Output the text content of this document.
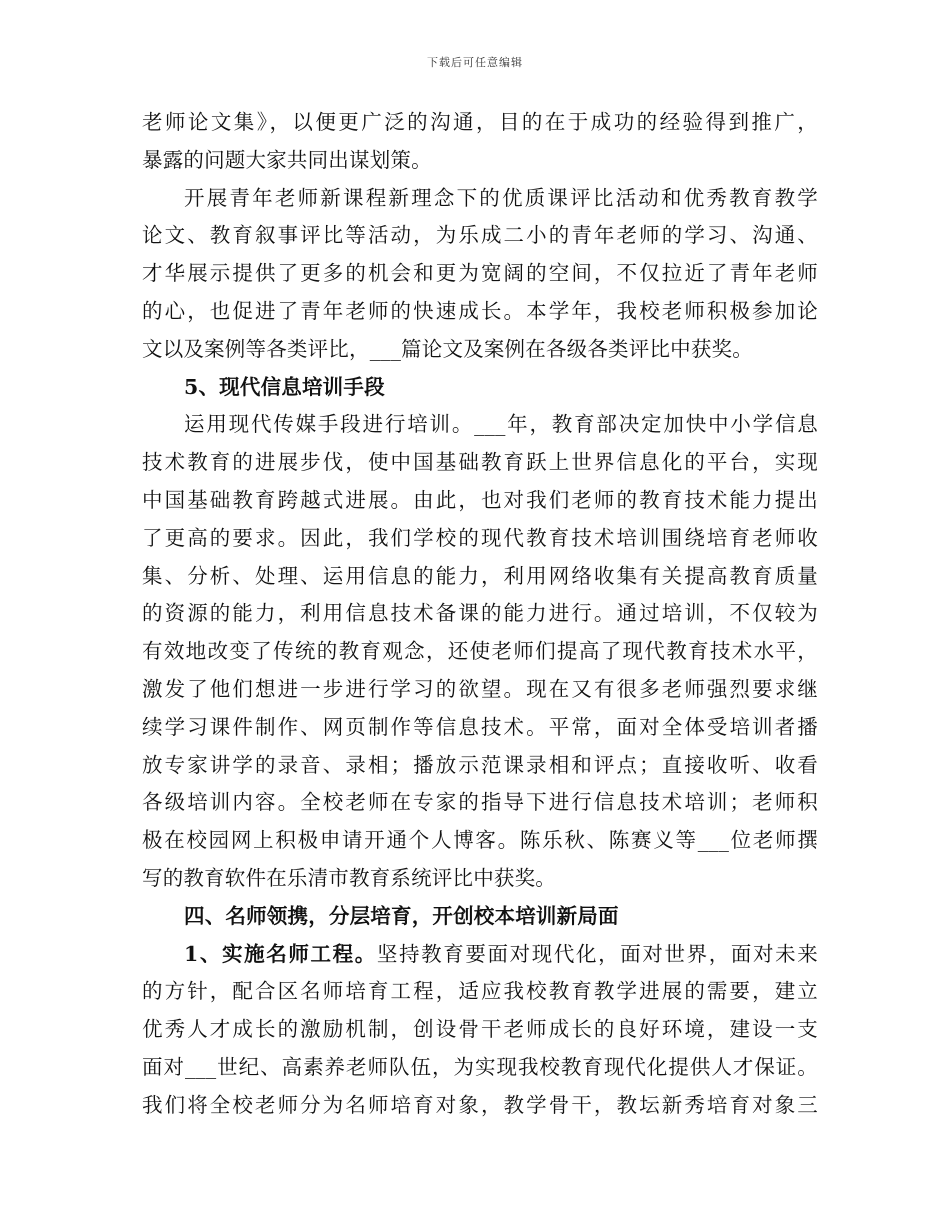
下载后可任意编辑
老师论文集》，以便更广泛的沟通，目的在于成功的经验得到推广，
暴露的问题大家共同出谋划策。
开展青年老师新课程新理念下的优质课评比活动和优秀教育教学
论文、教育叙事评比等活动，为乐成二小的青年老师的学习、沟通、
才华展示提供了更多的机会和更为宽阔的空间，不仅拉近了青年老师
的心，也促进了青年老师的快速成长。本学年，我校老师积极参加论
文以及案例等各类评比，___篇论文及案例在各级各类评比中获奖。
5、现代信息培训手段
运用现代传媒手段进行培训。___年，教育部决定加快中小学信息
技术教育的进展步伐，使中国基础教育跃上世界信息化的平台，实现
中国基础教育跨越式进展。由此，也对我们老师的教育技术能力提出
了更高的要求。因此，我们学校的现代教育技术培训围绕培育老师收
集、分析、处理、运用信息的能力，利用网络收集有关提高教育质量
的资源的能力，利用信息技术备课的能力进行。通过培训，不仅较为
有效地改变了传统的教育观念，还使老师们提高了现代教育技术水平，
激发了他们想进一步进行学习的欲望。现在又有很多老师强烈要求继
续学习课件制作、网页制作等信息技术。平常，面对全体受培训者播
放专家讲学的录音、录相；播放示范课录相和评点；直接收听、收看
各级培训内容。全校老师在专家的指导下进行信息技术培训；老师积
极在校园网上积极申请开通个人博客。陈乐秋、陈赛义等___位老师撰
写的教育软件在乐清市教育系统评比中获奖。
四、名师领携，分层培育，开创校本培训新局面
1、实施名师工程。坚持教育要面对现代化，面对世界，面对未来
的方针，配合区名师培育工程，适应我校教育教学进展的需要，建立
优秀人才成长的激励机制，创设骨干老师成长的良好环境，建设一支
面对___世纪、高素养老师队伍，为实现我校教育现代化提供人才保证。
我们将全校老师分为名师培育对象，教学骨干，教坛新秀培育对象三
